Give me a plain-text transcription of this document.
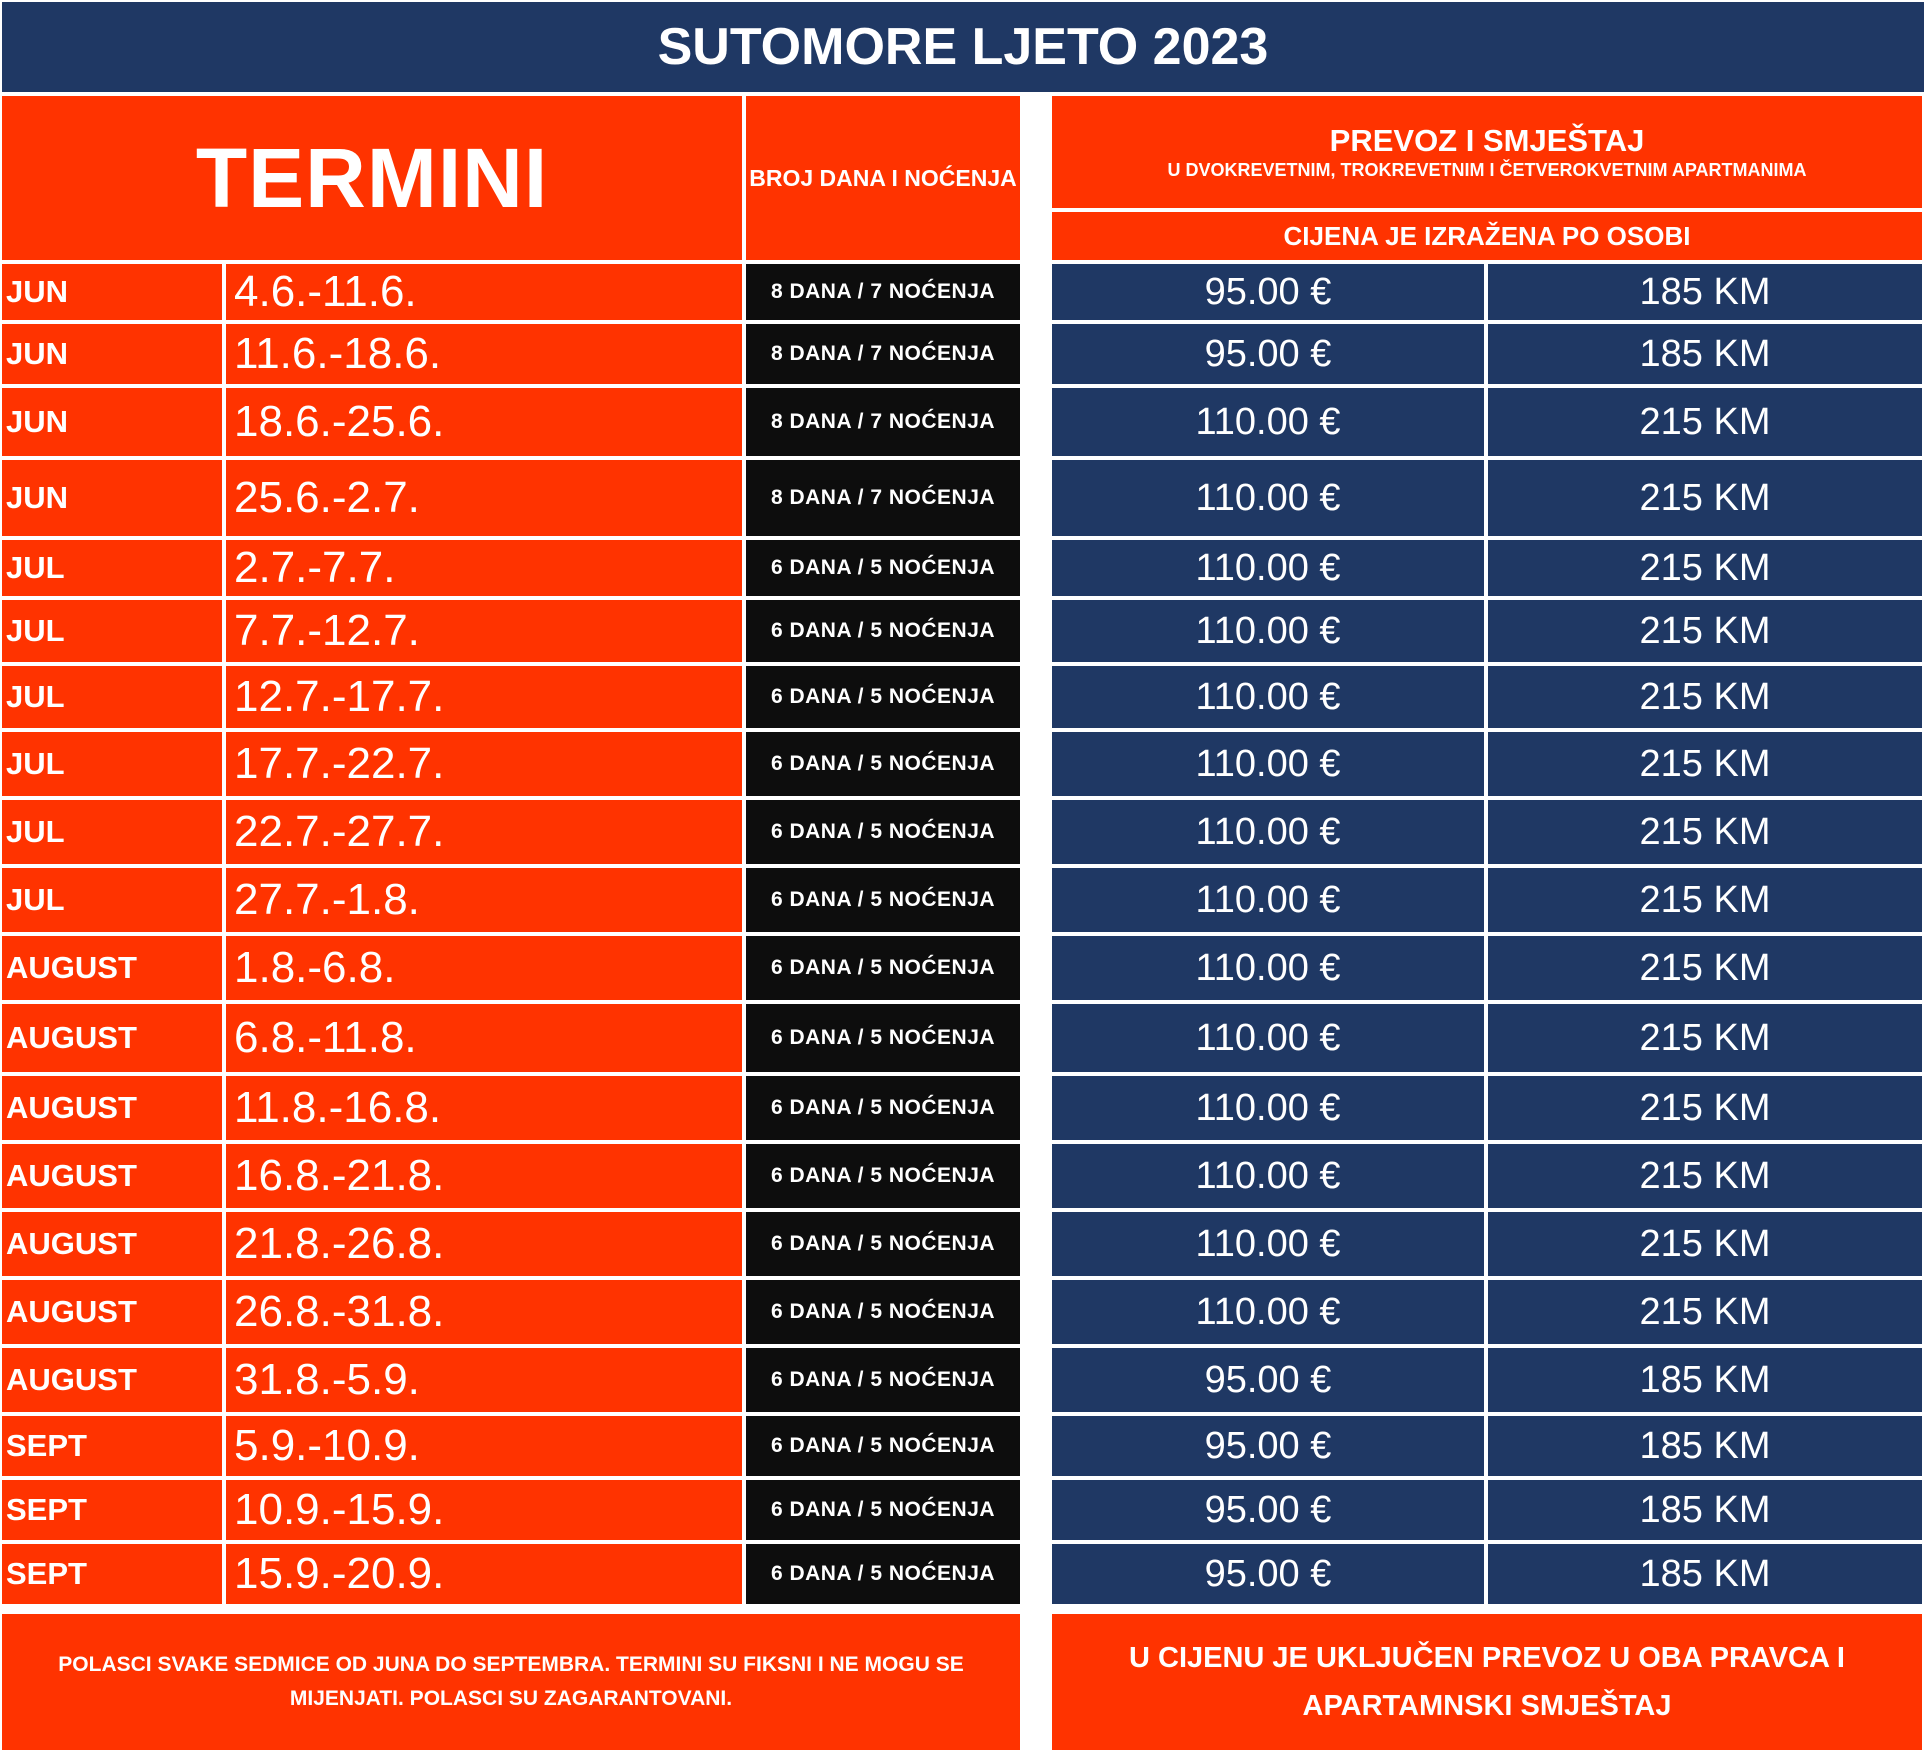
SUTOMORE LJETO 2023
TERMINI	BROJ DANA I NOĆENJA
PREVOZ I SMJEŠTAJ
U DVOKREVETNIM, TROKREVETNIM I ČETVEROKVETNIM APARTMANIMA
CIJENA JE IZRAŽENA PO OSOBI
JUN	4.6.-11.6.	8 DANA / 7 NOĆENJA	95.00 €	185 KM
JUN	11.6.-18.6.	8 DANA / 7 NOĆENJA	95.00 €	185 KM
JUN	18.6.-25.6.	8 DANA / 7 NOĆENJA	110.00 €	215 KM
JUN	25.6.-2.7.	8 DANA / 7 NOĆENJA	110.00 €	215 KM
JUL	2.7.-7.7.	6 DANA / 5 NOĆENJA	110.00 €	215 KM
JUL	7.7.-12.7.	6 DANA / 5 NOĆENJA	110.00 €	215 KM
JUL	12.7.-17.7.	6 DANA / 5 NOĆENJA	110.00 €	215 KM
JUL	17.7.-22.7.	6 DANA / 5 NOĆENJA	110.00 €	215 KM
JUL	22.7.-27.7.	6 DANA / 5 NOĆENJA	110.00 €	215 KM
JUL	27.7.-1.8.	6 DANA / 5 NOĆENJA	110.00 €	215 KM
AUGUST	1.8.-6.8.	6 DANA / 5 NOĆENJA	110.00 €	215 KM
AUGUST	6.8.-11.8.	6 DANA / 5 NOĆENJA	110.00 €	215 KM
AUGUST	11.8.-16.8.	6 DANA / 5 NOĆENJA	110.00 €	215 KM
AUGUST	16.8.-21.8.	6 DANA / 5 NOĆENJA	110.00 €	215 KM
AUGUST	21.8.-26.8.	6 DANA / 5 NOĆENJA	110.00 €	215 KM
AUGUST	26.8.-31.8.	6 DANA / 5 NOĆENJA	110.00 €	215 KM
AUGUST	31.8.-5.9.	6 DANA / 5 NOĆENJA	95.00 €	185 KM
SEPT	5.9.-10.9.	6 DANA / 5 NOĆENJA	95.00 €	185 KM
SEPT	10.9.-15.9.	6 DANA / 5 NOĆENJA	95.00 €	185 KM
SEPT	15.9.-20.9.	6 DANA / 5 NOĆENJA	95.00 €	185 KM
POLASCI SVAKE SEDMICE OD JUNA DO SEPTEMBRA. TERMINI SU FIKSNI I NE MOGU SE MIJENJATI. POLASCI SU ZAGARANTOVANI.
U CIJENU JE UKLJUČEN PREVOZ U OBA PRAVCA I APARTAMNSKI SMJEŠTAJ
